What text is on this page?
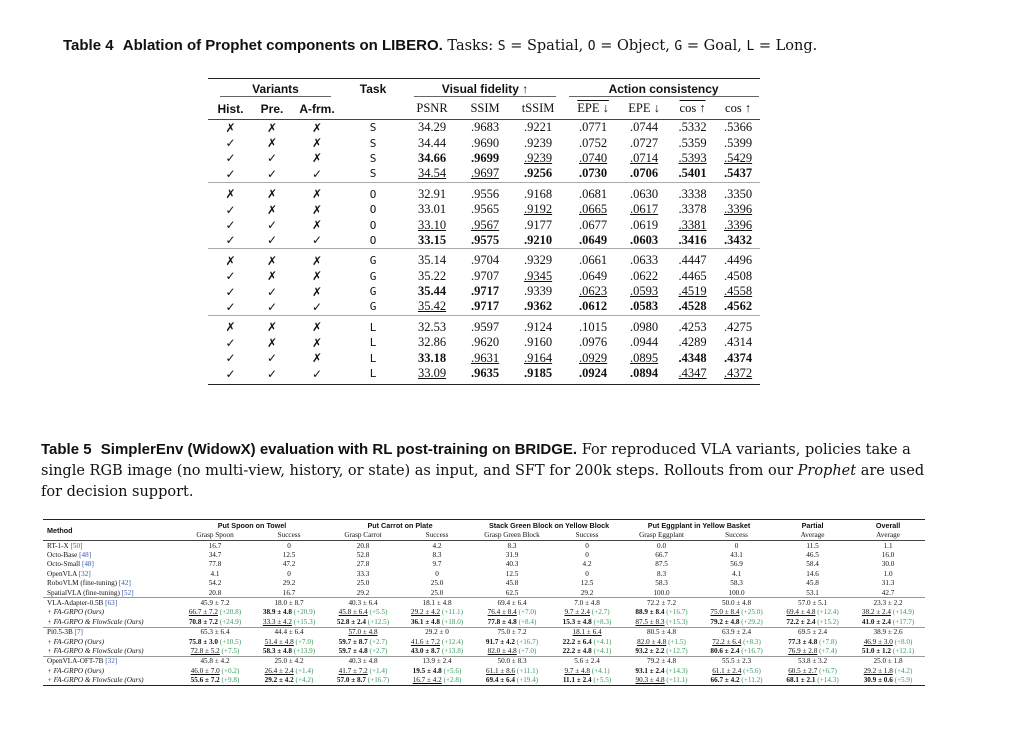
Table 4 Ablation of Prophet components on LIBERO. Tasks: S = Spatial, O = Object, G = Goal, L = Long.
Variants			Task	Visual fidelity ↑			Action consistency			
Hist.	Pre.	A-frm.		PSNR	SSIM	tSSIM	EPE ↓	EPE ↓	cos ↑	cos ↑
✗	✗	✗	S	34.29	.9683	.9221	.0771	.0744	.5332	.5366
✓	✗	✗	S	34.44	.9690	.9239	.0752	.0727	.5359	.5399
✓	✓	✗	S	34.66	.9699	.9239	.0740	.0714	.5393	.5429
✓	✓	✓	S	34.54	.9697	.9256	.0730	.0706	.5401	.5437
✗	✗	✗	O	32.91	.9556	.9168	.0681	.0630	.3338	.3350
✓	✗	✗	O	33.01	.9565	.9192	.0665	.0617	.3378	.3396
✓	✓	✗	O	33.10	.9567	.9177	.0677	.0619	.3381	.3396
✓	✓	✓	O	33.15	.9575	.9210	.0649	.0603	.3416	.3432
✗	✗	✗	G	35.14	.9704	.9329	.0661	.0633	.4447	.4496
✓	✗	✗	G	35.22	.9707	.9345	.0649	.0622	.4465	.4508
✓	✓	✗	G	35.44	.9717	.9339	.0623	.0593	.4519	.4558
✓	✓	✓	G	35.42	.9717	.9362	.0612	.0583	.4528	.4562
✗	✗	✗	L	32.53	.9597	.9124	.1015	.0980	.4253	.4275
✓	✗	✗	L	32.86	.9620	.9160	.0976	.0944	.4289	.4314
✓	✓	✗	L	33.18	.9631	.9164	.0929	.0895	.4348	.4374
✓	✓	✓	L	33.09	.9635	.9185	.0924	.0894	.4347	.4372
Table 5 SimplerEnv (WidowX) evaluation with RL post-training on BRIDGE. For reproduced VLA variants, policies take a single RGB image (no multi-view, history, or state) as input, and SFT for 200k steps. Rollouts from our Prophet are used for decision support.
Method	Put Spoon on Towel		Put Carrot on Plate		Stack Green Block on Yellow Block		Put Eggplant in Yellow Basket		Partial	Overall
	Grasp Spoon	Success	Grasp Carrot	Success	Grasp Green Block	Success	Grasp Eggplant	Success	Average	Average
RT-1-X [50]	16.7	0	20.8	4.2	8.3	0	0.0	0	11.5	1.1
Octo-Base [48]	34.7	12.5	52.8	8.3	31.9	0	66.7	43.1	46.5	16.0
Octo-Small [48]	77.8	47.2	27.8	9.7	40.3	4.2	87.5	56.9	58.4	30.0
OpenVLA [32]	4.1	0	33.3	0	12.5	0	8.3	4.1	14.6	1.0
RoboVLM (fine-tuning) [42]	54.2	29.2	25.0	25.0	45.8	12.5	58.3	58.3	45.8	31.3
SpatialVLA (fine-tuning) [52]	20.8	16.7	29.2	25.0	62.5	29.2	100.0	100.0	53.1	42.7
VLA-Adapter-0.5B [63]	45.9 ± 7.2	18.0 ± 8.7	40.3 ± 6.4	18.1 ± 4.8	69.4 ± 6.4	7.0 ± 4.8	72.2 ± 7.2	50.0 ± 4.8	57.0 ± 5.1	23.3 ± 2.2
+ FA-GRPO (Ours)	66.7 ± 7.2 (+20.8)	38.9 ± 4.8 (+20.9)	45.8 ± 6.4 (+5.5)	29.2 ± 4.2 (+11.1)	76.4 ± 8.4 (+7.0)	9.7 ± 2.4 (+2.7)	88.9 ± 8.4 (+16.7)	75.0 ± 8.4 (+25.0)	69.4 ± 4.8 (+12.4)	38.2 ± 2.4 (+14.9)
+ FA-GRPO & FlowScale (Ours)	70.8 ± 7.2 (+24.9)	33.3 ± 4.2 (+15.3)	52.8 ± 2.4 (+12.5)	36.1 ± 4.8 (+18.0)	77.8 ± 4.8 (+8.4)	15.3 ± 4.8 (+8.3)	87.5 ± 8.3 (+15.3)	79.2 ± 4.8 (+29.2)	72.2 ± 2.4 (+15.2)	41.0 ± 2.4 (+17.7)
Pi0.5-3B [7]	65.3 ± 6.4	44.4 ± 6.4	57.0 ± 4.8	29.2 ± 0	75.0 ± 7.2	18.1 ± 6.4	80.5 ± 4.8	63.9 ± 2.4	69.5 ± 2.4	38.9 ± 2.6
+ FA-GRPO (Ours)	75.8 ± 3.0 (+10.5)	51.4 ± 4.8 (+7.0)	59.7 ± 8.7 (+2.7)	41.6 ± 7.2 (+12.4)	91.7 ± 4.2 (+16.7)	22.2 ± 6.4 (+4.1)	82.0 ± 4.8 (+1.5)	72.2 ± 6.4 (+8.3)	77.3 ± 4.8 (+7.8)	46.9 ± 3.0 (+8.0)
+ FA-GRPO & FlowScale (Ours)	72.8 ± 5.2 (+7.5)	58.3 ± 4.8 (+13.9)	59.7 ± 4.8 (+2.7)	43.0 ± 8.7 (+13.8)	82.0 ± 4.8 (+7.0)	22.2 ± 4.8 (+4.1)	93.2 ± 2.2 (+12.7)	80.6 ± 2.4 (+16.7)	76.9 ± 2.8 (+7.4)	51.0 ± 1.2 (+12.1)
OpenVLA-OFT-7B [32]	45.8 ± 4.2	25.0 ± 4.2	40.3 ± 4.8	13.9 ± 2.4	50.0 ± 8.3	5.6 ± 2.4	79.2 ± 4.8	55.5 ± 2.3	53.8 ± 3.2	25.0 ± 1.8
+ FA-GRPO (Ours)	46.0 ± 7.0 (+0.2)	26.4 ± 2.4 (+1.4)	41.7 ± 7.2 (+1.4)	19.5 ± 4.8 (+5.6)	61.1 ± 8.6 (+11.1)	9.7 ± 4.8 (+4.1)	93.1 ± 2.4 (+14.3)	61.1 ± 2.4 (+5.6)	60.5 ± 2.7 (+6.7)	29.2 ± 1.8 (+4.2)
+ FA-GRPO & FlowScale (Ours)	55.6 ± 7.2 (+9.8)	29.2 ± 4.2 (+4.2)	57.0 ± 8.7 (+16.7)	16.7 ± 4.2 (+2.8)	69.4 ± 6.4 (+19.4)	11.1 ± 2.4 (+5.5)	90.3 ± 4.8 (+11.1)	66.7 ± 4.2 (+11.2)	68.1 ± 2.1 (+14.3)	30.9 ± 0.6 (+5.9)
